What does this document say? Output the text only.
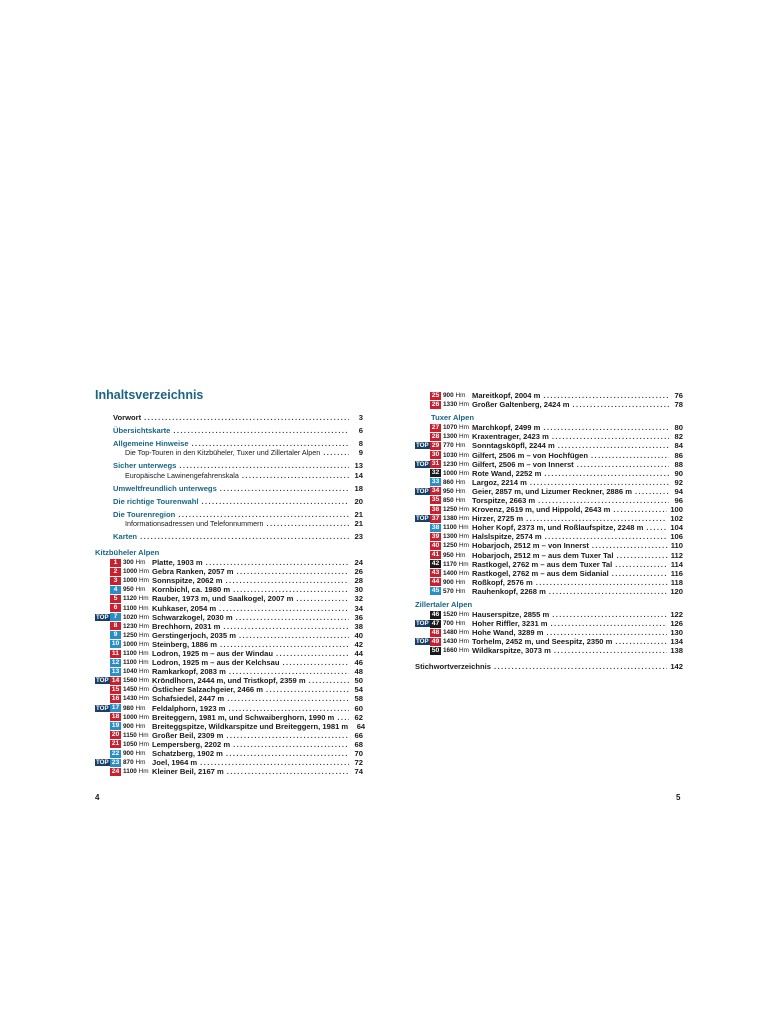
Inhaltsverzeichnis
Vorwort .....	3
Übersichtskarte .....	6
Allgemeine Hinweise .....	8
Die Top-Touren in den Kitzbüheler, Tuxer und Zillertaler Alpen .....	9
Sicher unterwegs .....	13
Europäische Lawinengefahrenskala .....	14
Umweltfreundlich unterwegs .....	18
Die richtige Tourenwahl .....	20
Die Tourenregion .....	21
Informationsadressen und Telefonnummern .....	21
Karten .....	23
Kitzbüheler Alpen
1 300 Hm Platte, 1903 m .....	24
2 1000 Hm Gebra Ranken, 2057 m .....	26
3 1000 Hm Sonnspitze, 2062 m .....	28
4 950 Hm Kornbichl, ca. 1980 m .....	30
5 1120 Hm Rauber, 1973 m, und Saalkogel, 2007 m .....	32
6 1100 Hm Kuhkaser, 2054 m .....	34
TOP 7 1020 Hm Schwarzkogel, 2030 m .....	36
8 1230 Hm Brechhorn, 2031 m .....	38
9 1250 Hm Gerstingerjoch, 2035 m .....	40
10 1000 Hm Steinberg, 1886 m .....	42
11 1100 Hm Lodron, 1925 m – aus der Windau .....	44
12 1100 Hm Lodron, 1925 m – aus der Kelchsau .....	46
13 1040 Hm Ramkarkopf, 2083 m .....	48
TOP 14 1560 Hm Kröndlhorn, 2444 m, und Tristkopf, 2359 m .....	50
15 1450 Hm Östlicher Salzachgeier, 2466 m .....	54
16 1430 Hm Schafsiedel, 2447 m .....	58
TOP 17 980 Hm Feldalphorn, 1923 m .....	60
18 1000 Hm Breiteggern, 1981 m, und Schwaiberghorn, 1990 m .....	62
19 900 Hm Breiteggspitze, Wildkarspitze und Breiteggern, 1981 m	64
20 1150 Hm Großer Beil, 2309 m .....	66
21 1050 Hm Lempersberg, 2202 m .....	68
22 900 Hm Schatzberg, 1902 m .....	70
TOP 23 870 Hm Joel, 1964 m .....	72
24 1100 Hm Kleiner Beil, 2167 m .....	74
4
25 900 Hm Mareitkopf, 2004 m .....	76
26 1330 Hm Großer Galtenberg, 2424 m .....	78
Tuxer Alpen
27 1070 Hm Marchkopf, 2499 m .....	80
28 1300 Hm Kraxentrager, 2423 m .....	82
TOP 29 770 Hm Sonntagsköpfl, 2244 m .....	84
30 1030 Hm Gilfert, 2506 m – von Hochfügen .....	86
TOP 31 1230 Hm Gilfert, 2506 m – von Innerst .....	88
32 1000 Hm Rote Wand, 2252 m .....	90
33 860 Hm Largoz, 2214 m .....	92
TOP 34 950 Hm Geier, 2857 m, und Lizumer Reckner, 2886 m .....	94
35 850 Hm Torspitze, 2663 m .....	96
36 1250 Hm Krovenz, 2619 m, und Hippold, 2643 m .....	100
TOP 37 1380 Hm Hirzer, 2725 m .....	102
38 1100 Hm Hoher Kopf, 2373 m, und Roßlaufspitze, 2248 m .....	104
39 1300 Hm Halslspitze, 2574 m .....	106
40 1250 Hm Hobarjoch, 2512 m – von Innerst .....	110
41 950 Hm Hobarjoch, 2512 m – aus dem Tuxer Tal .....	112
42 1170 Hm Rastkogel, 2762 m – aus dem Tuxer Tal .....	114
43 1400 Hm Rastkogel, 2762 m – aus dem Sidanial .....	116
44 900 Hm Roßkopf, 2576 m .....	118
45 570 Hm Rauhenkopf, 2268 m .....	120
Zillertaler Alpen
46 1520 Hm Hauserspitze, 2855 m .....	122
TOP 47 700 Hm Hoher Riffler, 3231 m .....	126
48 1480 Hm Hohe Wand, 3289 m .....	130
TOP 49 1430 Hm Torhelm, 2452 m, und Seespitz, 2350 m .....	134
50 1660 Hm Wildkarspitze, 3073 m .....	138
Stichwortverzeichnis .....	142
5
